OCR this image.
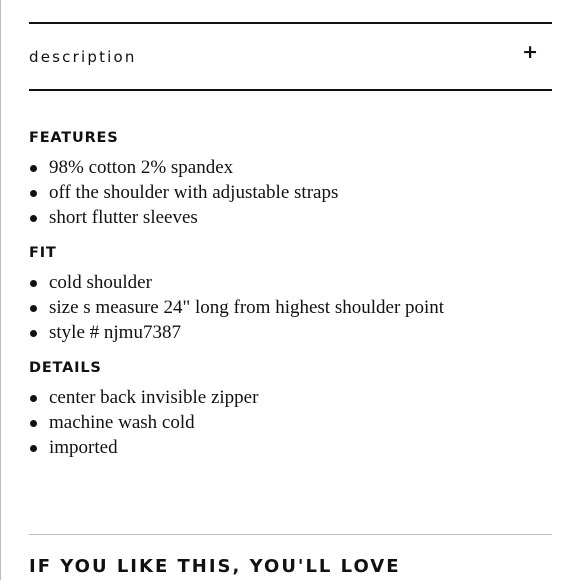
description	+
FEATURES
98% cotton 2% spandex
off the shoulder with adjustable straps
short flutter sleeves
FIT
cold shoulder
size s measure 24" long from highest shoulder point
style # njmu7387
DETAILS
center back invisible zipper
machine wash cold
imported
IF YOU LIKE THIS, YOU'LL LOVE
